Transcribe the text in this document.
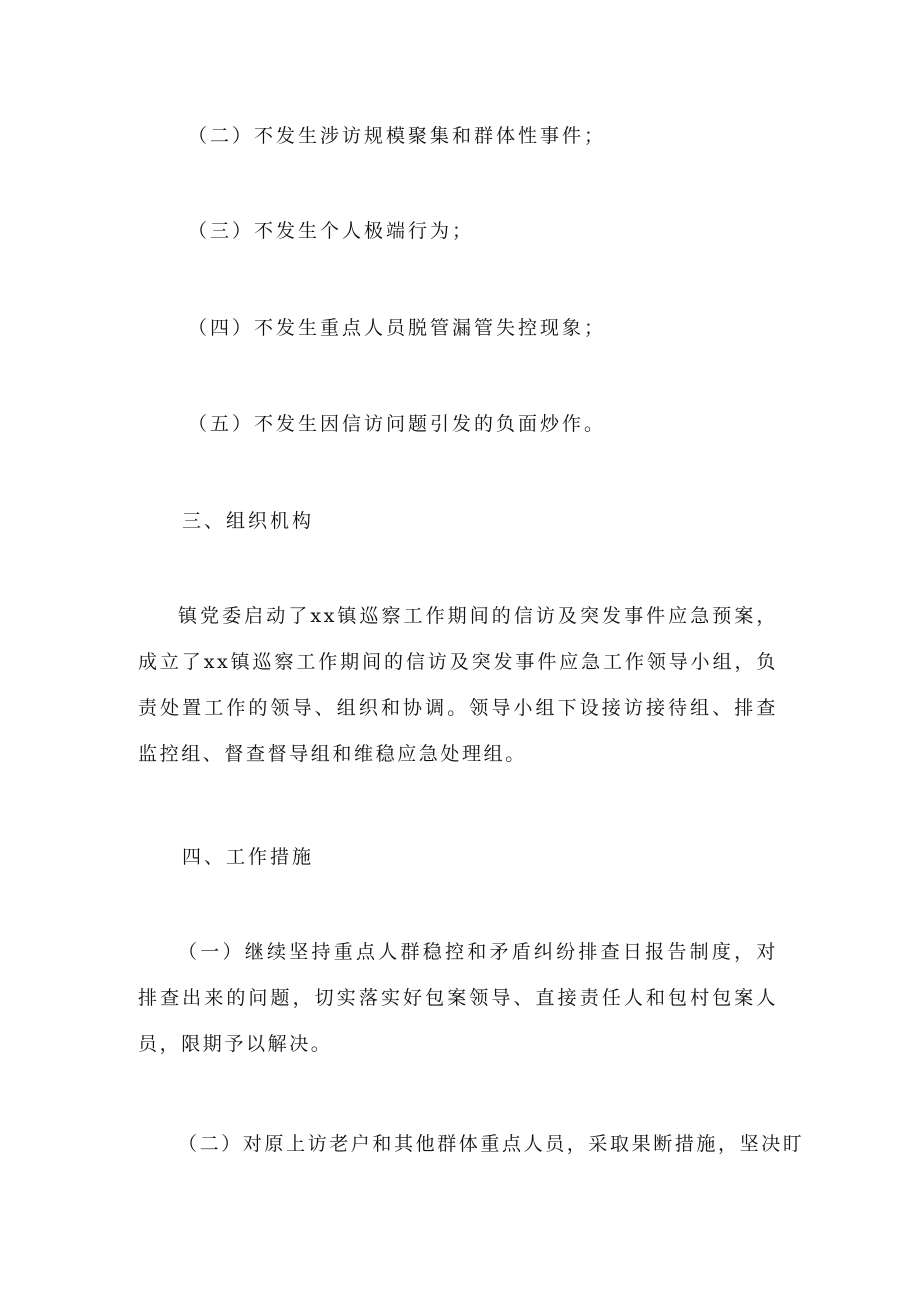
（二）不发生涉访规模聚集和群体性事件；
（三）不发生个人极端行为；
（四）不发生重点人员脱管漏管失控现象；
（五）不发生因信访问题引发的负面炒作。
三、组织机构
镇党委启动了xx镇巡察工作期间的信访及突发事件应急预案，成立了xx镇巡察工作期间的信访及突发事件应急工作领导小组，负责处置工作的领导、组织和协调。领导小组下设接访接待组、排查监控组、督查督导组和维稳应急处理组。
四、工作措施
（一）继续坚持重点人群稳控和矛盾纠纷排查日报告制度，对排查出来的问题，切实落实好包案领导、直接责任人和包村包案人员，限期予以解决。
（二）对原上访老户和其他群体重点人员，采取果断措施，坚决盯
